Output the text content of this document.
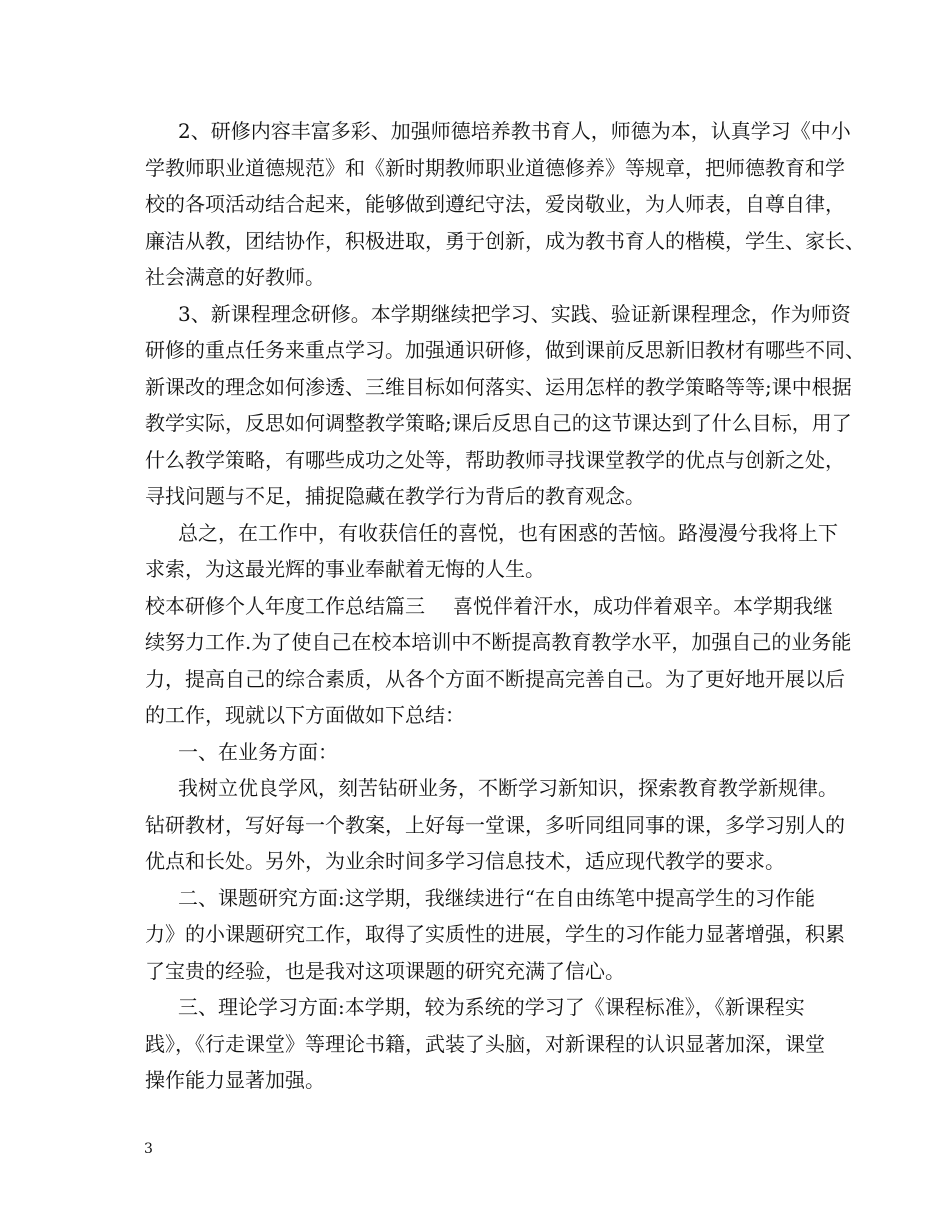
2、研修内容丰富多彩、加强师德培养教书育人，师德为本，认真学习《中小
学教师职业道德规范》和《新时期教师职业道德修养》等规章，把师德教育和学
校的各项活动结合起来，能够做到遵纪守法，爱岗敬业，为人师表，自尊自律，
廉洁从教，团结协作，积极进取，勇于创新，成为教书育人的楷模，学生、家长、
社会满意的好教师。
3、新课程理念研修。本学期继续把学习、实践、验证新课程理念，作为师资
研修的重点任务来重点学习。加强通识研修，做到课前反思新旧教材有哪些不同、
新课改的理念如何渗透、三维目标如何落实、运用怎样的教学策略等等;课中根据
教学实际，反思如何调整教学策略;课后反思自己的这节课达到了什么目标，用了
什么教学策略，有哪些成功之处等，帮助教师寻找课堂教学的优点与创新之处，
寻找问题与不足，捕捉隐藏在教学行为背后的教育观念。
总之，在工作中，有收获信任的喜悦，也有困惑的苦恼。路漫漫兮我将上下
求索，为这最光辉的事业奉献着无悔的人生。
校本研修个人年度工作总结篇三 喜悦伴着汗水，成功伴着艰辛。本学期我继
续努力工作.为了使自己在校本培训中不断提高教育教学水平，加强自己的业务能
力，提高自己的综合素质，从各个方面不断提高完善自己。为了更好地开展以后
的工作，现就以下方面做如下总结：
一、在业务方面：
我树立优良学风，刻苦钻研业务，不断学习新知识，探索教育教学新规律。
钻研教材，写好每一个教案，上好每一堂课，多听同组同事的课，多学习别人的
优点和长处。另外，为业余时间多学习信息技术，适应现代教学的要求。
二、课题研究方面:这学期，我继续进行“在自由练笔中提高学生的习作能
力》的小课题研究工作，取得了实质性的进展，学生的习作能力显著增强，积累
了宝贵的经验，也是我对这项课题的研究充满了信心。
三、理论学习方面:本学期，较为系统的学习了《课程标准》，《新课程实
践》，《行走课堂》等理论书籍，武装了头脑，对新课程的认识显著加深，课堂
操作能力显著加强。
3
